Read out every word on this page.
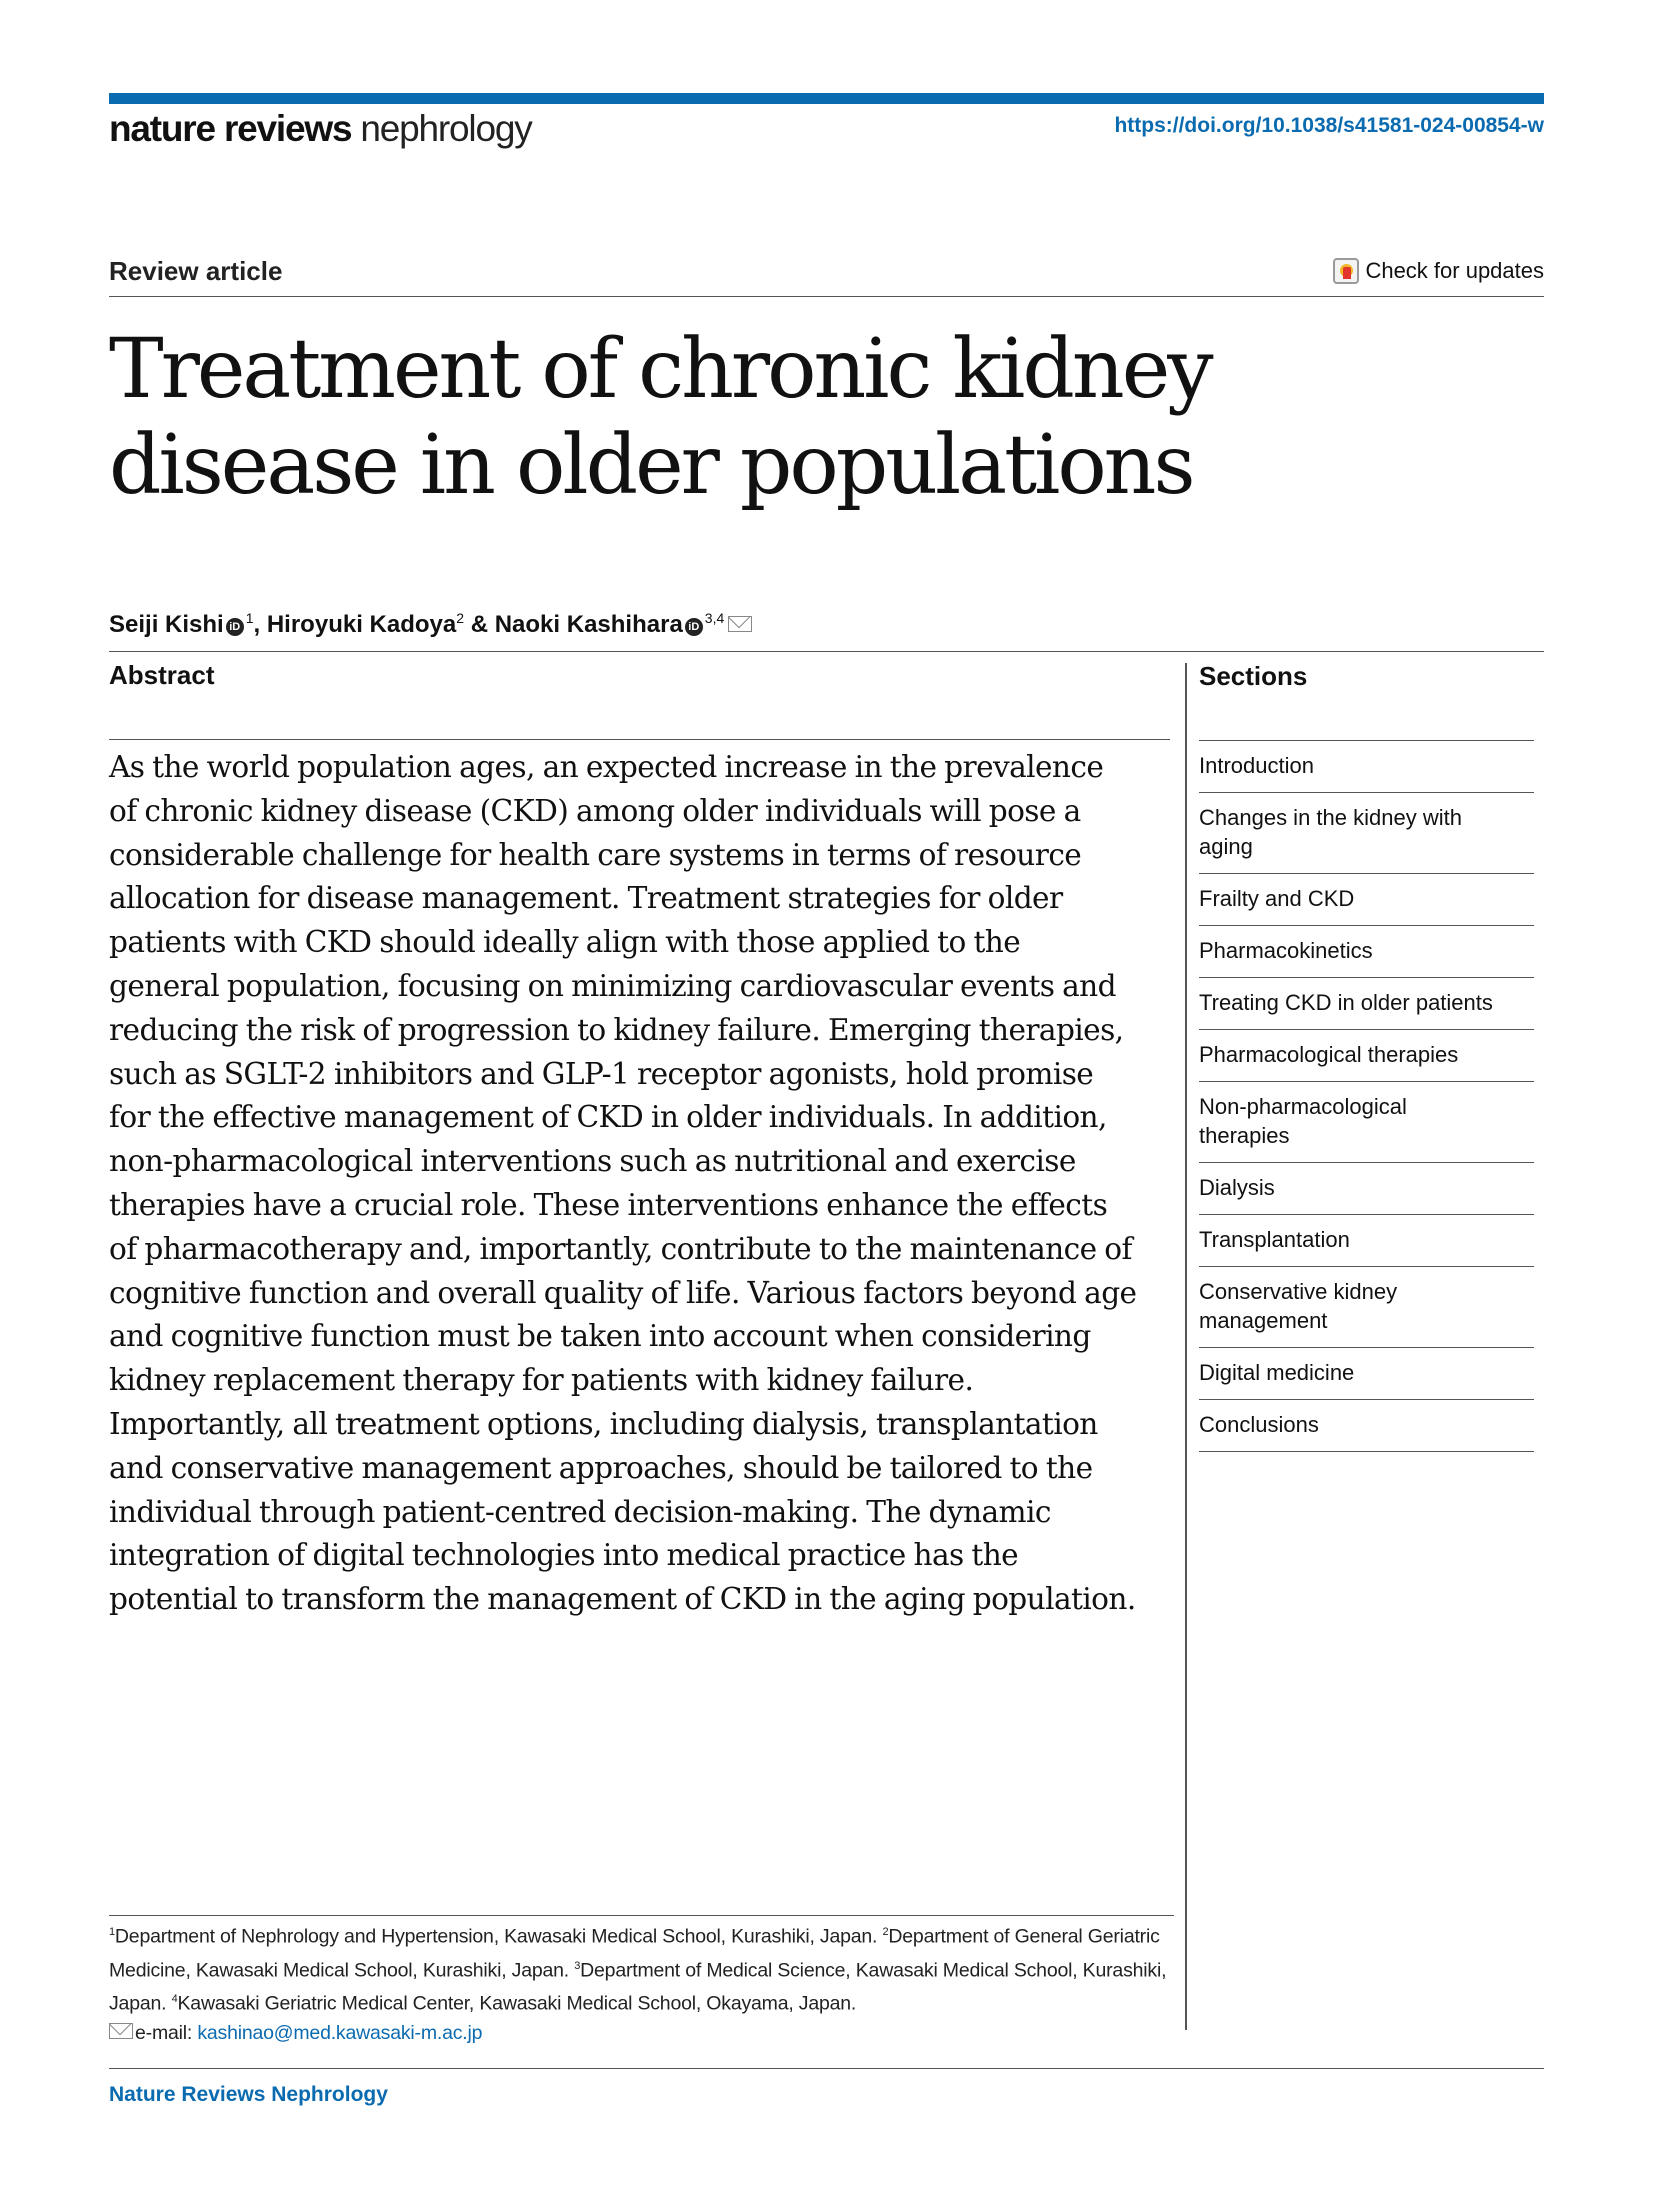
nature reviews nephrology	https://doi.org/10.1038/s41581-024-00854-w
Review article	Check for updates
Treatment of chronic kidney
disease in older populations
Seiji Kishi $iD^1$, Hiroyuki Kadoya$^2$ & Naoki Kashihara iD$^{3,4}$
Abstract
As the world population ages, an expected increase in the prevalence
of chronic kidney disease (CKD) among older individuals will pose a
considerable challenge for health care systems in terms of resource
allocation for disease management. Treatment strategies for older
patients with CKD should ideally align with those applied to the
general population, focusing on minimizing cardiovascular events and
reducing the risk of progression to kidney failure. Emerging therapies,
such as SGLT-2 inhibitors and GLP-1 receptor agonists, hold promise
for the effective management of CKD in older individuals. In addition,
non-pharmacological interventions such as nutritional and exercise
therapies have a crucial role. These interventions enhance the effects
of pharmacotherapy and, importantly, contribute to the maintenance of
cognitive function and overall quality of life. Various factors beyond age
and cognitive function must be taken into account when considering
kidney replacement therapy for patients with kidney failure.
Importantly, all treatment options, including dialysis, transplantation
and conservative management approaches, should be tailored to the
individual through patient-centred decision-making. The dynamic
integration of digital technologies into medical practice has the
potential to transform the management of CKD in the aging population.
Sections
Introduction
Changes in the kidney with
aging
Frailty and CKD
Pharmacokinetics
Treating CKD in older patients
Pharmacological therapies
Non-pharmacological
therapies
Dialysis
Transplantation
Conservative kidney
management
Digital medicine
Conclusions
$^1$Department of Nephrology and Hypertension, Kawasaki Medical School, Kurashiki, Japan. $^2$Department of General Geriatric Medicine, Kawasaki Medical School, Kurashiki, Japan. $^3$Department of Medical Science, Kawasaki Medical School, Kurashiki, Japan. $^4$Kawasaki Geriatric Medical Center, Kawasaki Medical School, Okayama, Japan.
e-mail: kashinao@med.kawasaki-m.ac.jp
Nature Reviews Nephrology
